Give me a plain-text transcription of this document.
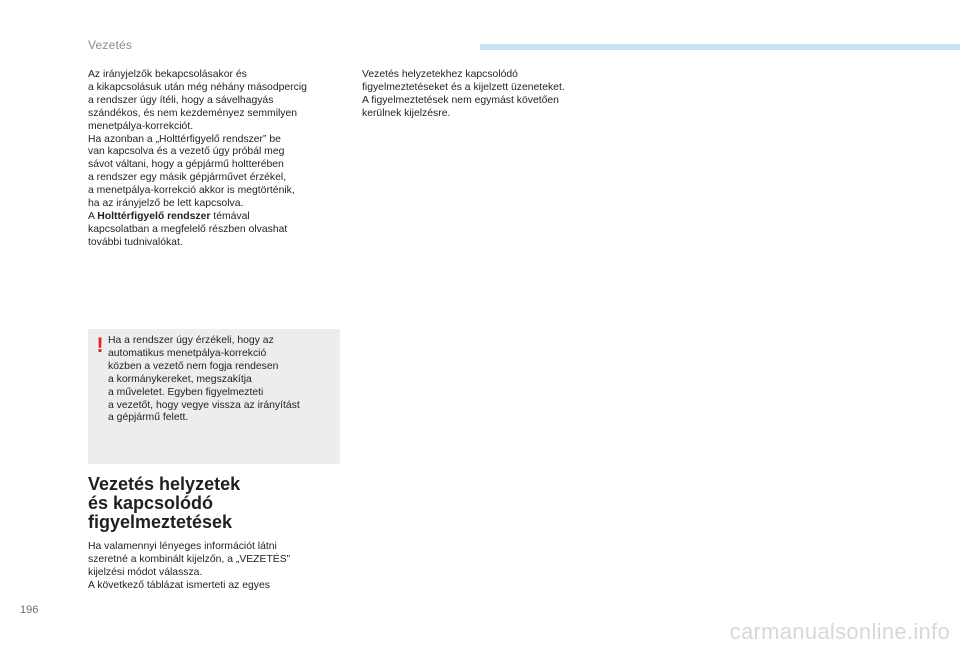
Vezetés

Az irányjelzők bekapcsolásakor és

a kikapcsolásuk után még néhány másodpercig

a rendszer úgy ítéli, hogy a sávelhagyás

szándékos, és nem kezdeményez semmilyen

menetpálya-korrekciót.

Ha azonban a „Holttérfigyelő rendszer” be

van kapcsolva és a vezető úgy próbál meg

sávot váltani, hogy a gépjármű holtterében

a rendszer egy másik gépjárművet érzékel,

a menetpálya-korrekció akkor is megtörténik,

ha az irányjelző be lett kapcsolva.

A Holttérfigyelő rendszer témával

kapcsolatban a megfelelő részben olvashat

további tudnivalókat.

! Ha a rendszer úgy érzékeli, hogy az
automatikus menetpálya-korrekció
közben a vezető nem fogja rendesen
a kormánykereket, megszakítja
a műveletet. Egyben figyelmezteti
a vezetőt, hogy vegye vissza az irányítást
a gépjármű felett.
Vezetés helyzetek
és kapcsolódó
figyelmeztetések
Ha valamennyi lényeges információt látni
szeretné a kombinált kijelzőn, a „VEZETÉS”
kijelzési módot válassza.
A következő táblázat ismerteti az egyes

Vezetés helyzetekhez kapcsolódó

figyelmeztetéseket és a kijelzett üzeneteket.

A figyelmeztetések nem egymást követően

kerülnek kijelzésre.

196
carmanualsonline.info
